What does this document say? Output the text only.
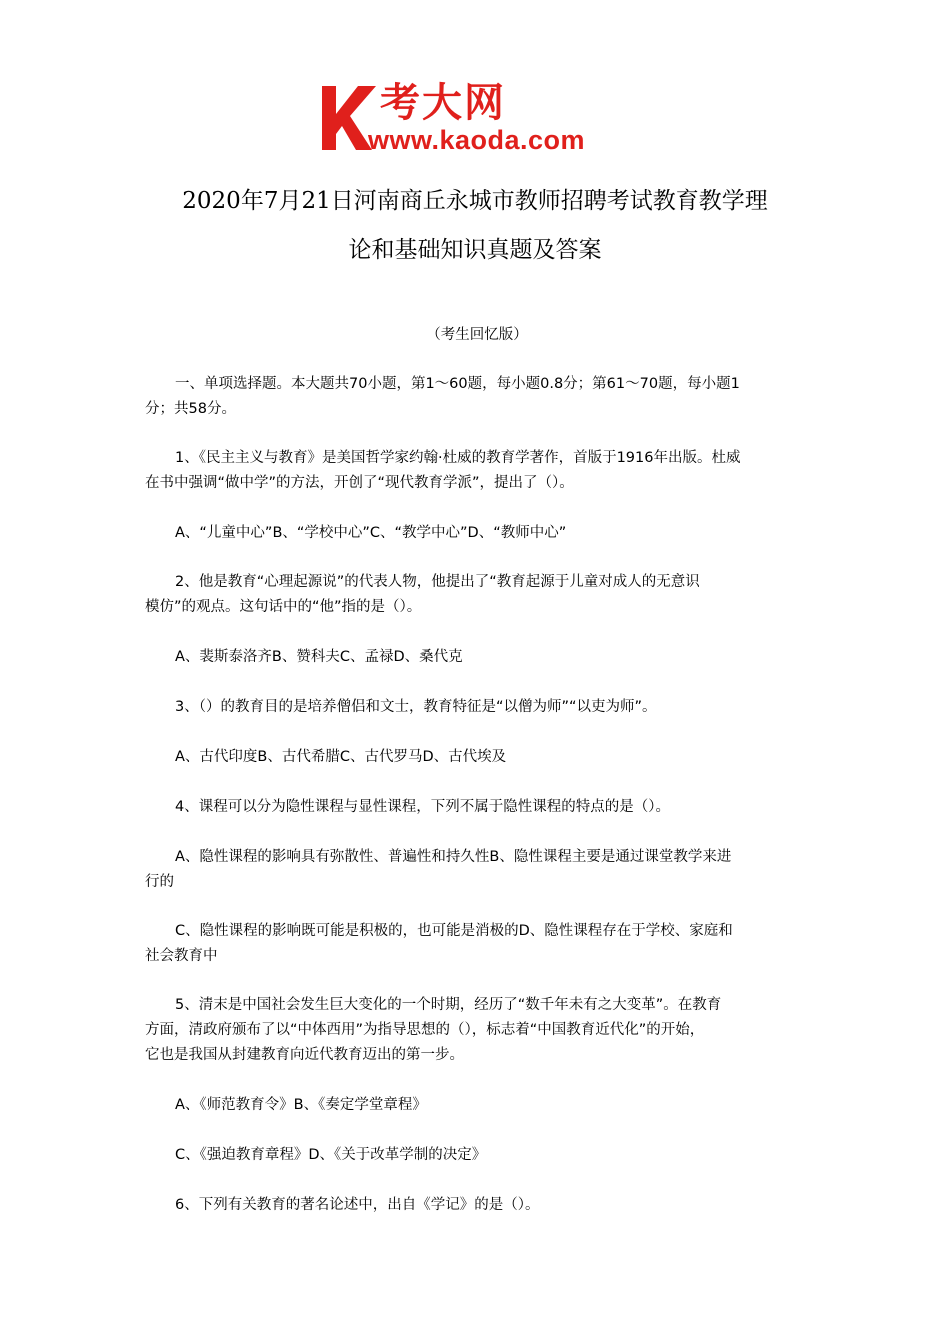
考大网
www.kaoda.com
2020年7月21日河南商丘永城市教师招聘考试教育教学理
论和基础知识真题及答案
（考生回忆版）
一、单项选择题。本大题共70小题，第1～60题，每小题0.8分；第61～70题，每小题1
分；共58分。
1、《民主主义与教育》是美国哲学家约翰·杜威的教育学著作，首版于1916年出版。杜威
在书中强调“做中学”的方法，开创了“现代教育学派”，提出了（）。
A、“儿童中心”B、“学校中心”C、“教学中心”D、“教师中心”
2、他是教育“心理起源说”的代表人物，他提出了“教育起源于儿童对成人的无意识
模仿”的观点。这句话中的“他”指的是（）。
A、裴斯泰洛齐B、赞科夫C、孟禄D、桑代克
3、（）的教育目的是培养僧侣和文士，教育特征是“以僧为师”“以吏为师”。
A、古代印度B、古代希腊C、古代罗马D、古代埃及
4、课程可以分为隐性课程与显性课程，下列不属于隐性课程的特点的是（）。
A、隐性课程的影响具有弥散性、普遍性和持久性B、隐性课程主要是通过课堂教学来进
行的
C、隐性课程的影响既可能是积极的，也可能是消极的D、隐性课程存在于学校、家庭和
社会教育中
5、清末是中国社会发生巨大变化的一个时期，经历了“数千年未有之大变革”。在教育
方面，清政府颁布了以“中体西用”为指导思想的（），标志着“中国教育近代化”的开始，
它也是我国从封建教育向近代教育迈出的第一步。
A、《师范教育令》B、《奏定学堂章程》
C、《强迫教育章程》D、《关于改革学制的决定》
6、下列有关教育的著名论述中，出自《学记》的是（）。
